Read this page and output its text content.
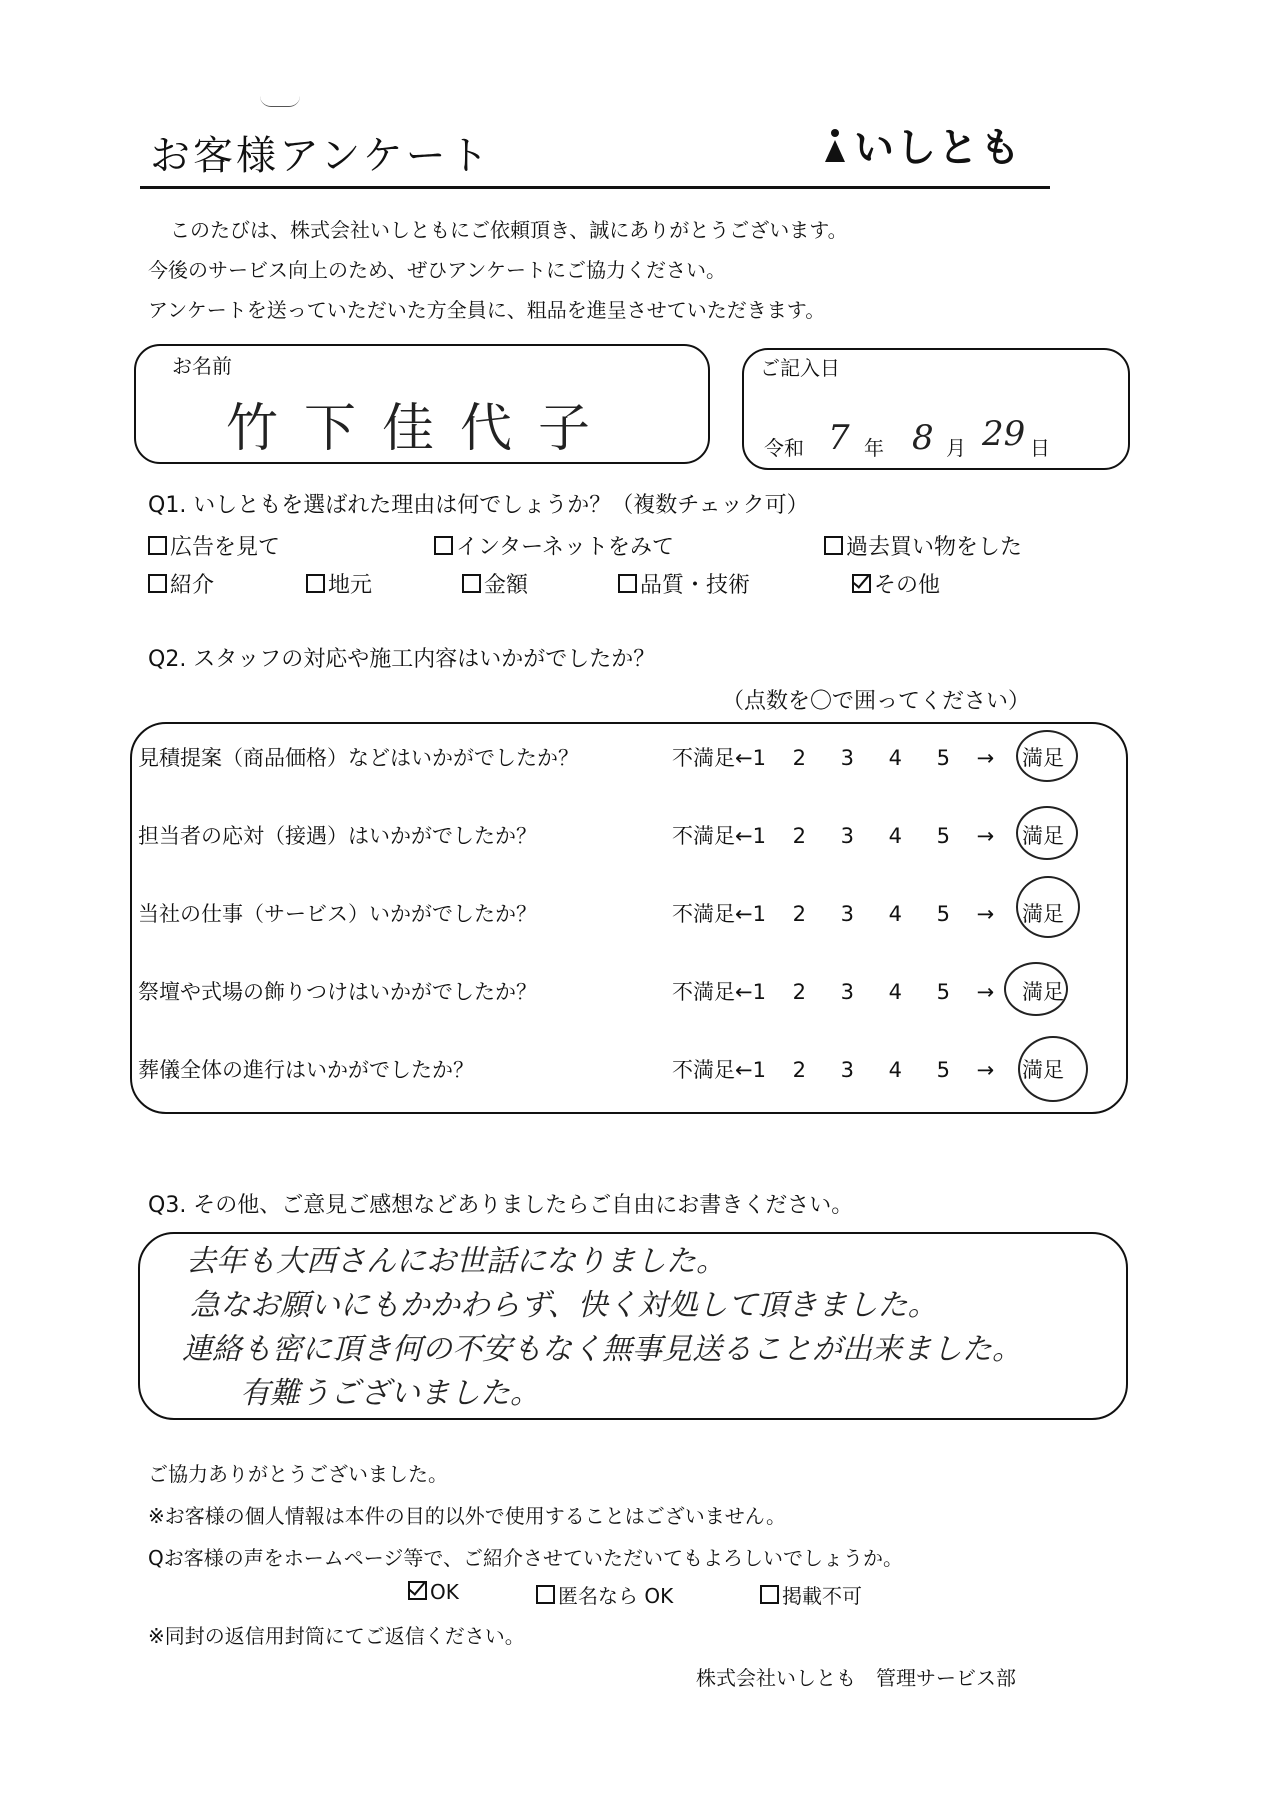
お客様アンケート	いしとも
このたびは、株式会社いしともにご依頼頂き、誠にありがとうございます。
今後のサービス向上のため、ぜひアンケートにご協力ください。
アンケートを送っていただいた方全員に、粗品を進呈させていただきます。
お名前
竹下佳代子
ご記入日
令和 7 年 8 月 29 日
Q1. いしともを選ばれた理由は何でしょうか？（複数チェック可）
広告を見て	インターネットをみて	過去買い物をした
紹介	地元	金額	品質・技術	その他
Q2. スタッフの対応や施工内容はいかがでしたか？
（点数を〇で囲ってください）
見積提案（商品価格）などはいかがでしたか？	不満足←1 2 3 4 5 → 満足
担当者の応対（接遇）はいかがでしたか？	不満足←1 2 3 4 5 → 満足
当社の仕事（サービス）いかがでしたか？	不満足←1 2 3 4 5 → 満足
祭壇や式場の飾りつけはいかがでしたか？	不満足←1 2 3 4 5 → 満足
葬儀全体の進行はいかがでしたか？	不満足←1 2 3 4 5 → 満足
Q3. その他、ご意見ご感想などありましたらご自由にお書きください。
去年も大西さんにお世話になりました。
急なお願いにもかかわらず、快く対処して頂きました。
連絡も密に頂き何の不安もなく無事見送ることが出来ました。
有難うございました。
ご協力ありがとうございました。
※お客様の個人情報は本件の目的以外で使用することはございません。
Qお客様の声をホームページ等で、ご紹介させていただいてもよろしいでしょうか。
OK	匿名なら OK	掲載不可
※同封の返信用封筒にてご返信ください。
株式会社いしとも　管理サービス部
